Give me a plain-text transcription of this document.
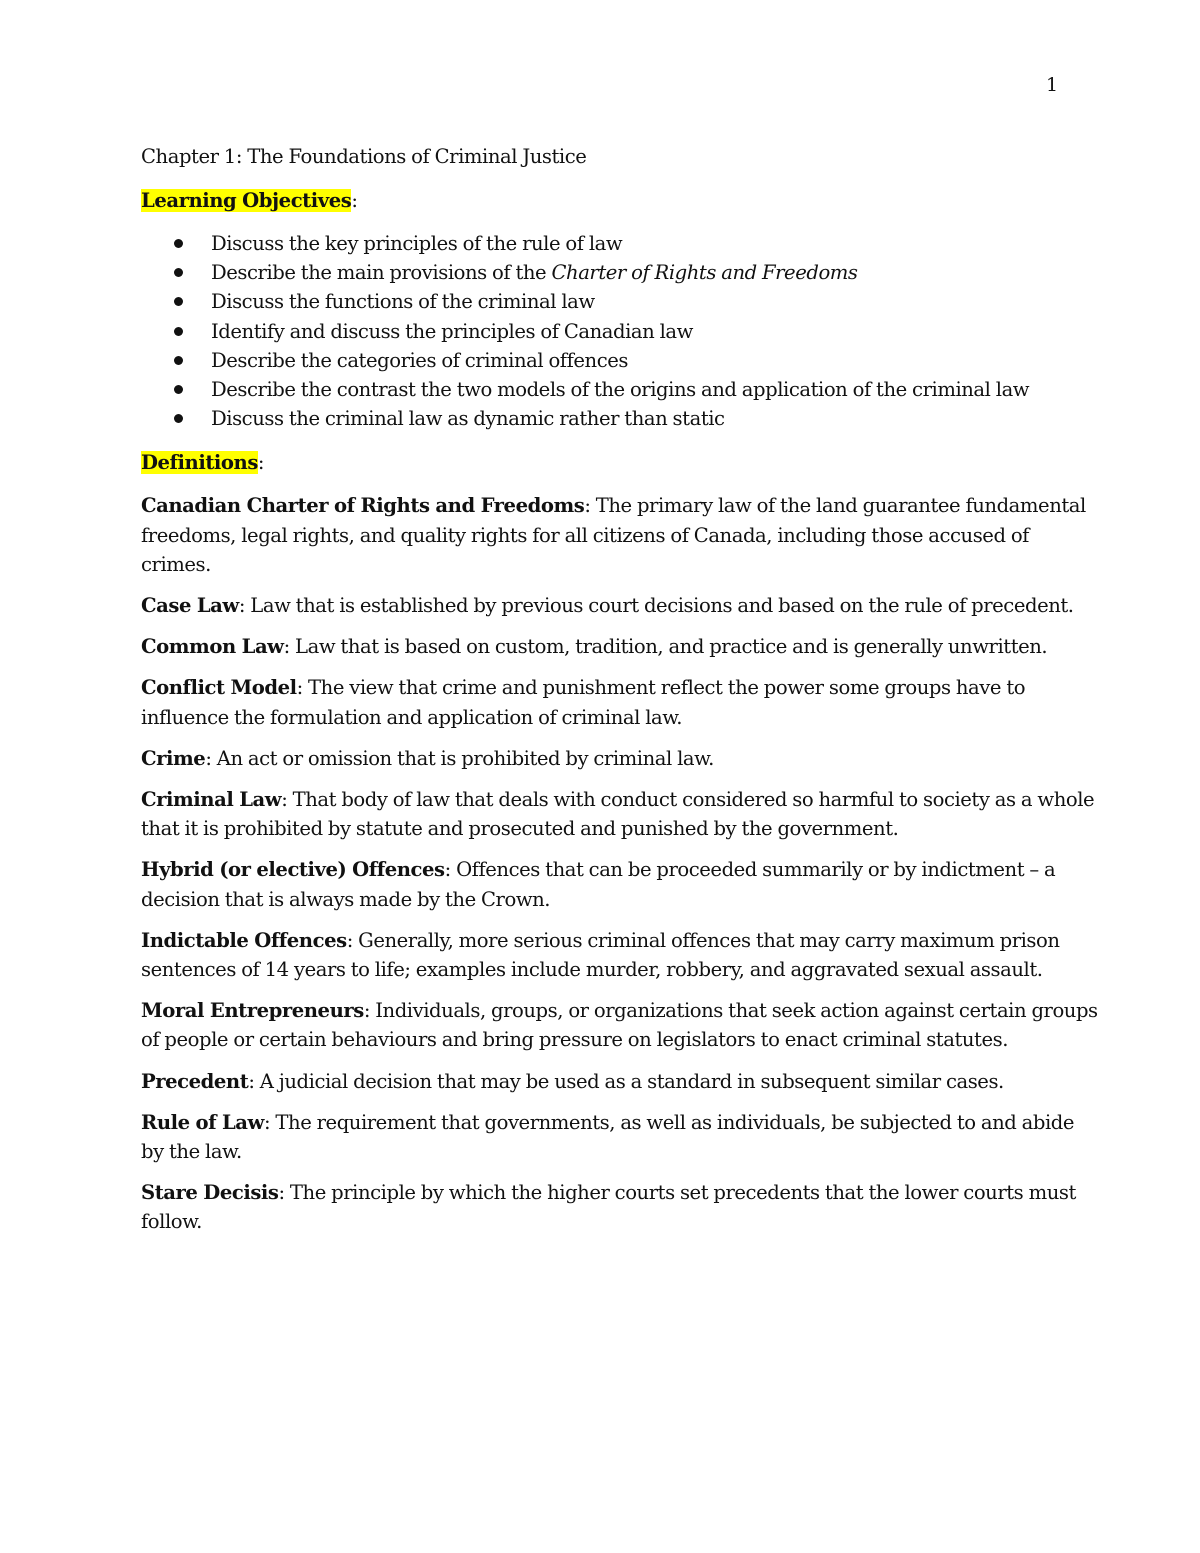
1

Chapter 1: The Foundations of Criminal Justice

Learning Objectives:

Discuss the key principles of the rule of law
Describe the main provisions of the Charter of Rights and Freedoms
Discuss the functions of the criminal law
Identify and discuss the principles of Canadian law
Describe the categories of criminal offences
Describe the contrast the two models of the origins and application of the criminal law
Discuss the criminal law as dynamic rather than static

Definitions:

Canadian Charter of Rights and Freedoms: The primary law of the land guarantee fundamental freedoms, legal rights, and quality rights for all citizens of Canada, including those accused of crimes.

Case Law: Law that is established by previous court decisions and based on the rule of precedent.

Common Law: Law that is based on custom, tradition, and practice and is generally unwritten.

Conflict Model: The view that crime and punishment reflect the power some groups have to influence the formulation and application of criminal law.

Crime: An act or omission that is prohibited by criminal law.

Criminal Law: That body of law that deals with conduct considered so harmful to society as a whole that it is prohibited by statute and prosecuted and punished by the government.

Hybrid (or elective) Offences: Offences that can be proceeded summarily or by indictment – a decision that is always made by the Crown.

Indictable Offences: Generally, more serious criminal offences that may carry maximum prison sentences of 14 years to life; examples include murder, robbery, and aggravated sexual assault.

Moral Entrepreneurs: Individuals, groups, or organizations that seek action against certain groups of people or certain behaviours and bring pressure on legislators to enact criminal statutes.

Precedent: A judicial decision that may be used as a standard in subsequent similar cases.

Rule of Law: The requirement that governments, as well as individuals, be subjected to and abide by the law.

Stare Decisis: The principle by which the higher courts set precedents that the lower courts must follow.
